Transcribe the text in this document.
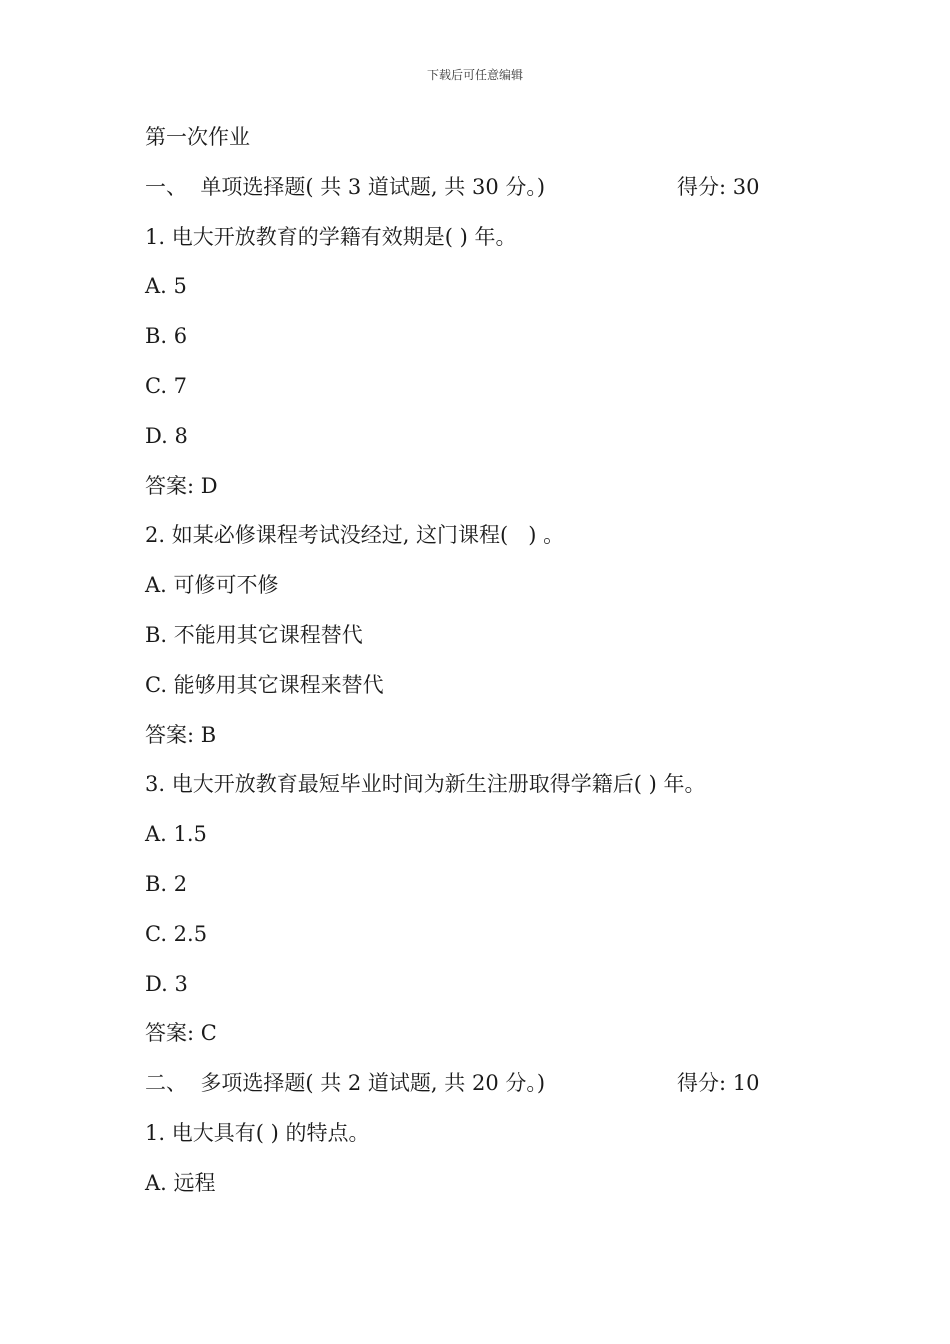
下载后可任意编辑
第一次作业
一、  单项选择题( 共 3 道试题, 共 30 分。)	得分: 30
1. 电大开放教育的学籍有效期是( ) 年。
A. 5
B. 6
C. 7
D. 8
答案: D
2. 如某必修课程考试没经过, 这门课程(   ) 。
A. 可修可不修
B. 不能用其它课程替代
C. 能够用其它课程来替代
答案: B
3. 电大开放教育最短毕业时间为新生注册取得学籍后( ) 年。
A. 1.5
B. 2
C. 2.5
D. 3
答案: C
二、  多项选择题( 共 2 道试题, 共 20 分。)	得分: 10
1. 电大具有( ) 的特点。
A. 远程
